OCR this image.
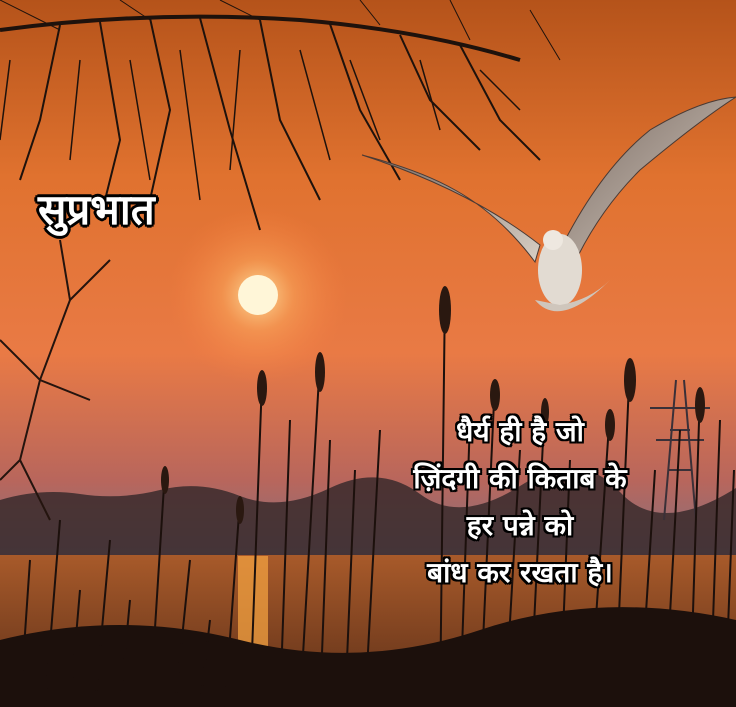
सुप्रभात
धैर्य ही है जो
ज़िंदगी की किताब के
हर पन्ने को
बांध कर रखता है।
